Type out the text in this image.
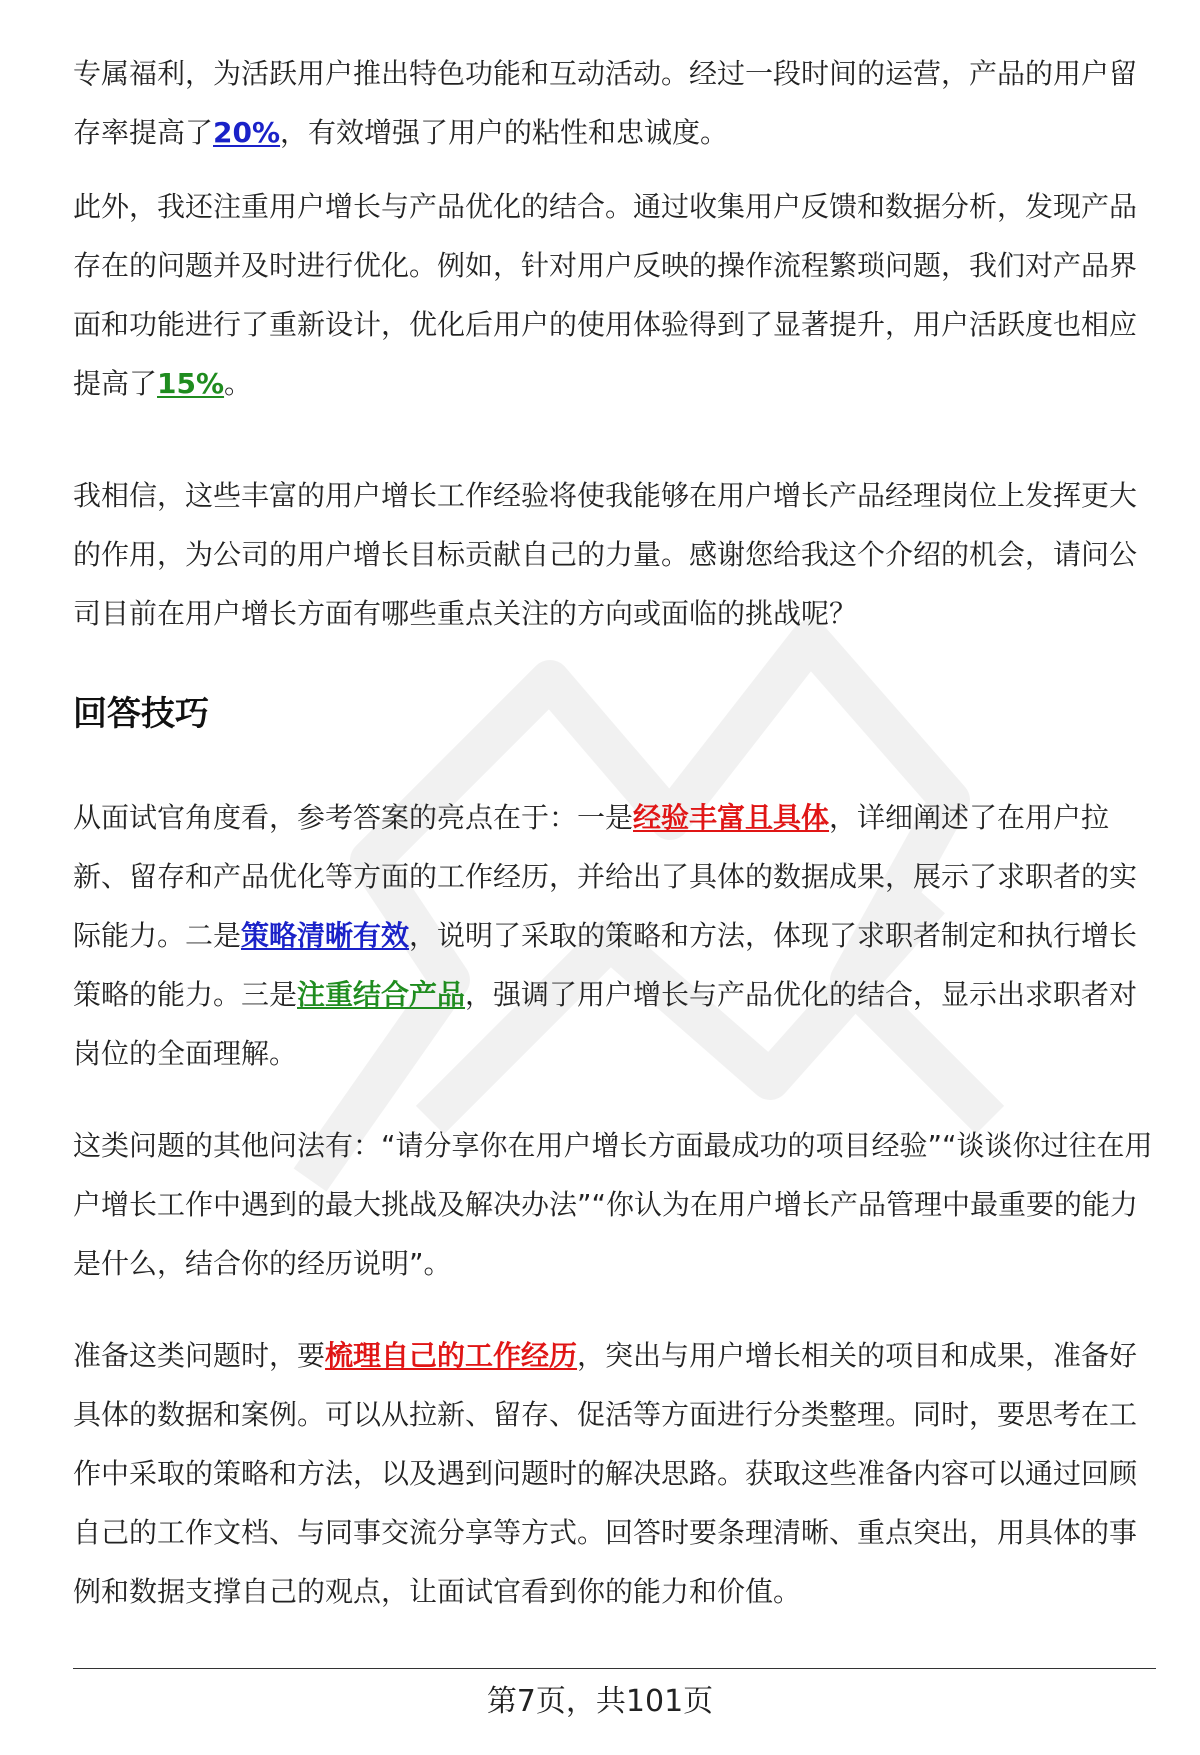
专属福利，为活跃用户推出特色功能和互动活动。经过一段时间的运营，产品的用户留存率提高了20%，有效增强了用户的粘性和忠诚度。

此外，我还注重用户增长与产品优化的结合。通过收集用户反馈和数据分析，发现产品存在的问题并及时进行优化。例如，针对用户反映的操作流程繁琐问题，我们对产品界面和功能进行了重新设计，优化后用户的使用体验得到了显著提升，用户活跃度也相应提高了15%。

我相信，这些丰富的用户增长工作经验将使我能够在用户增长产品经理岗位上发挥更大的作用，为公司的用户增长目标贡献自己的力量。感谢您给我这个介绍的机会，请问公司目前在用户增长方面有哪些重点关注的方向或面临的挑战呢？

回答技巧

从面试官角度看，参考答案的亮点在于：一是经验丰富且具体，详细阐述了在用户拉新、留存和产品优化等方面的工作经历，并给出了具体的数据成果，展示了求职者的实际能力。二是策略清晰有效，说明了采取的策略和方法，体现了求职者制定和执行增长策略的能力。三是注重结合产品，强调了用户增长与产品优化的结合，显示出求职者对岗位的全面理解。

这类问题的其他问法有：“请分享你在用户增长方面最成功的项目经验”“谈谈你过往在用户增长工作中遇到的最大挑战及解决办法”“你认为在用户增长产品管理中最重要的能力是什么，结合你的经历说明”。

准备这类问题时，要梳理自己的工作经历，突出与用户增长相关的项目和成果，准备好具体的数据和案例。可以从拉新、留存、促活等方面进行分类整理。同时，要思考在工作中采取的策略和方法，以及遇到问题时的解决思路。获取这些准备内容可以通过回顾自己的工作文档、与同事交流分享等方式。回答时要条理清晰、重点突出，用具体的事例和数据支撑自己的观点，让面试官看到你的能力和价值。

第7页，共101页
